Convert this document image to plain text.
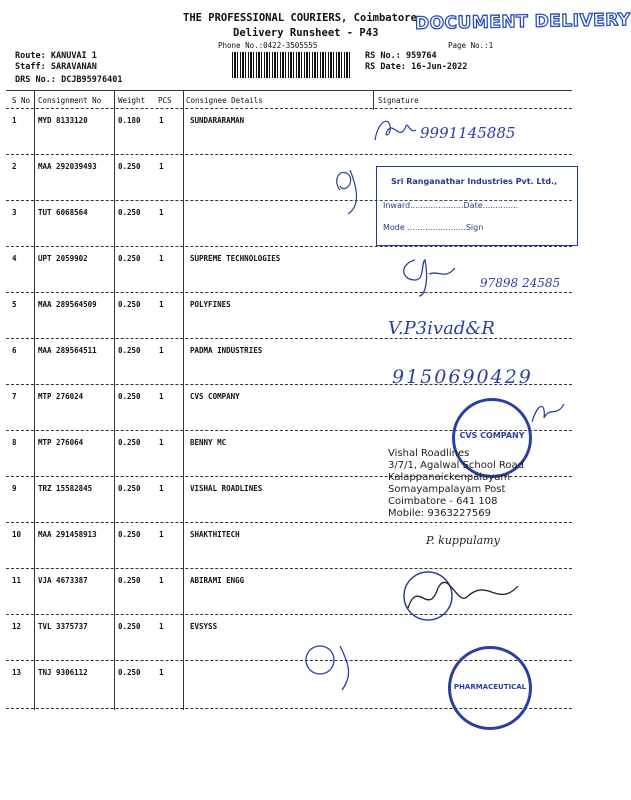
THE PROFESSIONAL COURIERS, Coimbatore
DOCUMENT DELIVERY
Delivery Runsheet - P43
Phone No.:0422-3505555	Page No.:1
Route: KANUVAI 1
Staff: SARAVANAN
DRS No.: DCJB95976401
RS No.: 959764
RS Date: 16-Jun-2022
S No Consignment No Weight PCS Consignee Details	Signature
1	MYD 8133120	0.180 1	SUNDARARAMAN
2	MAA 292039493	0.250 1
3	TUT 6068564	0.250 1
4	UPT 2059902	0.250 1	SUPREME TECHNOLOGIES
5	MAA 289564509	0.250 1	POLYFINES
6	MAA 289564511	0.250 1	PADMA INDUSTRIES
7	MTP 276024	0.250 1	CVS COMPANY
8	MTP 276064	0.250 1	BENNY MC
9	TRZ 15582845	0.250 1	VISHAL ROADLINES
10 MAA 291458913	0.250 1	SHAKTHITECH
11 VJA 4673387	0.250 1	ABIRAMI ENGG
12 TVL 3375737	0.250 1	EVSYSS
13 TNJ 9306112	0.250 1
9991145885
Sri Ranganathar Industries Pvt. Ltd.,
Inward.....................Date..............
Mode .......................Sign
97898 24585
V.P3ivad&R
9150690429
CVS COMPANY
Vishal Roadlines
3/7/1, Agalwal School Road
Kalappanaickenpalayam
Somayampalayam Post
Coimbatore - 641 108
Mobile: 9363227569
P. kuppulamy
PHARMACEUTICAL
